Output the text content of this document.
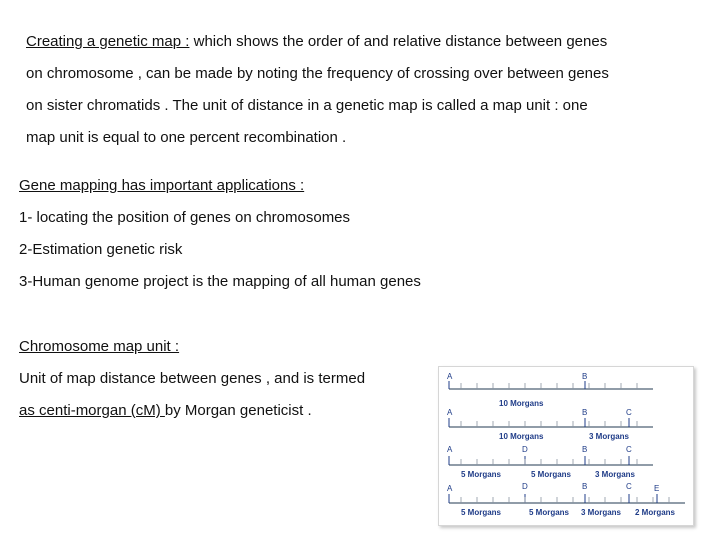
Creating a genetic map : which shows the order of and relative distance between genes
on chromosome , can be made by noting the frequency of crossing over between genes
on sister chromatids . The unit of distance in a genetic map is called a map unit : one
map unit is equal to one percent recombination .
Gene mapping has important applications :
1- locating the position of genes on chromosomes
2-Estimation genetic risk
3-Human genome project is the mapping of all human genes
Chromosome map unit :
Unit of map distance between genes , and is termed
as centi-morgan (cM) by Morgan geneticist .
A	B
10 Morgans
A	B	C
10 Morgans	3 Morgans
A	D	B	C
5 Morgans	5 Morgans	3 Morgans
A	D	B	C	E
5 Morgans	5 Morgans 3 Morgans 2 Morgans
